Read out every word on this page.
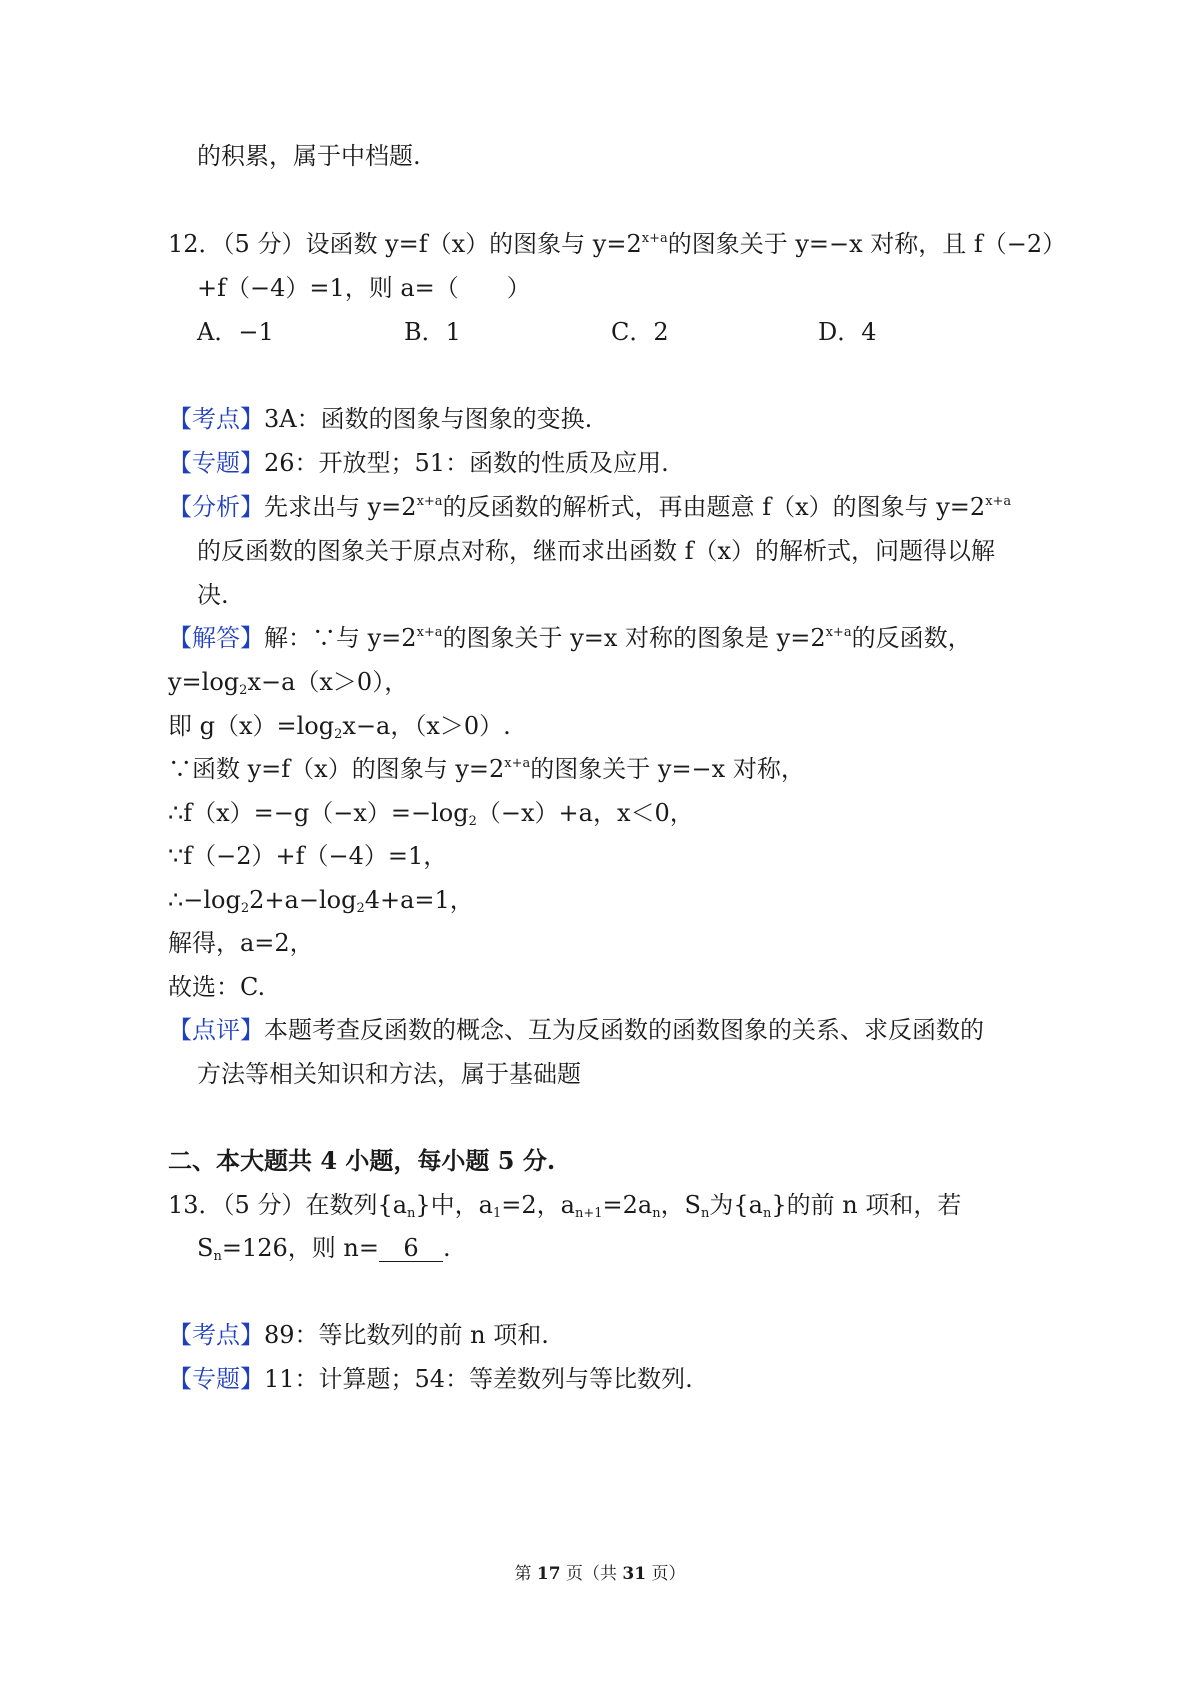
的积累，属于中档题.
12．（5 分）设函数 y=f（x）的图象与 $y=2^{x+a}$的图象关于 y=−x 对称，且 f（−2）
+f（−4）=1，则 a=（　　）
A．−1	B．1	C．2	D．4
【考点】3A：函数的图象与图象的变换.
【专题】26：开放型；51：函数的性质及应用.
【分析】先求出与 $y=2^{x+a}$的反函数的解析式，再由题意 f（x）的图象与 $y=2^{x+a}$
的反函数的图象关于原点对称，继而求出函数 f（x）的解析式，问题得以解
决.
【解答】解：∵与 $y=2^{x+a}$的图象关于 y=x 对称的图象是 $y=2^{x+a}$的反函数，
$y=\log_2x-a(x>0)$，
即 $g(x)=\log_2x-a$，（x＞0）.
∵函数 y=f（x）的图象与 $y=2^{x+a}$的图象关于 y=−x 对称，
$\therefore f(x)=-g(-x)=-\log_2(-x)+a$，x＜0，
∵f（−2）+f（−4）=1，
$\therefore-\log_22+a-\log_24+a=1$，
解得，a=2，
故选：C.
【点评】本题考查反函数的概念、互为反函数的函数图象的关系、求反函数的
方法等相关知识和方法，属于基础题
二、本大题共 4 小题，每小题 5 分.
13．（5 分）在数列$\{a_n\}$中，$a_1=2$，$a_{n+1}=2a_n$，$S_n$为$\{a_n\}$的前 n 项和，若
$S_n=126$，则 n= 6 .
【考点】89：等比数列的前 n 项和.
【专题】11：计算题；54：等差数列与等比数列.
第 17 页（共 31 页）
